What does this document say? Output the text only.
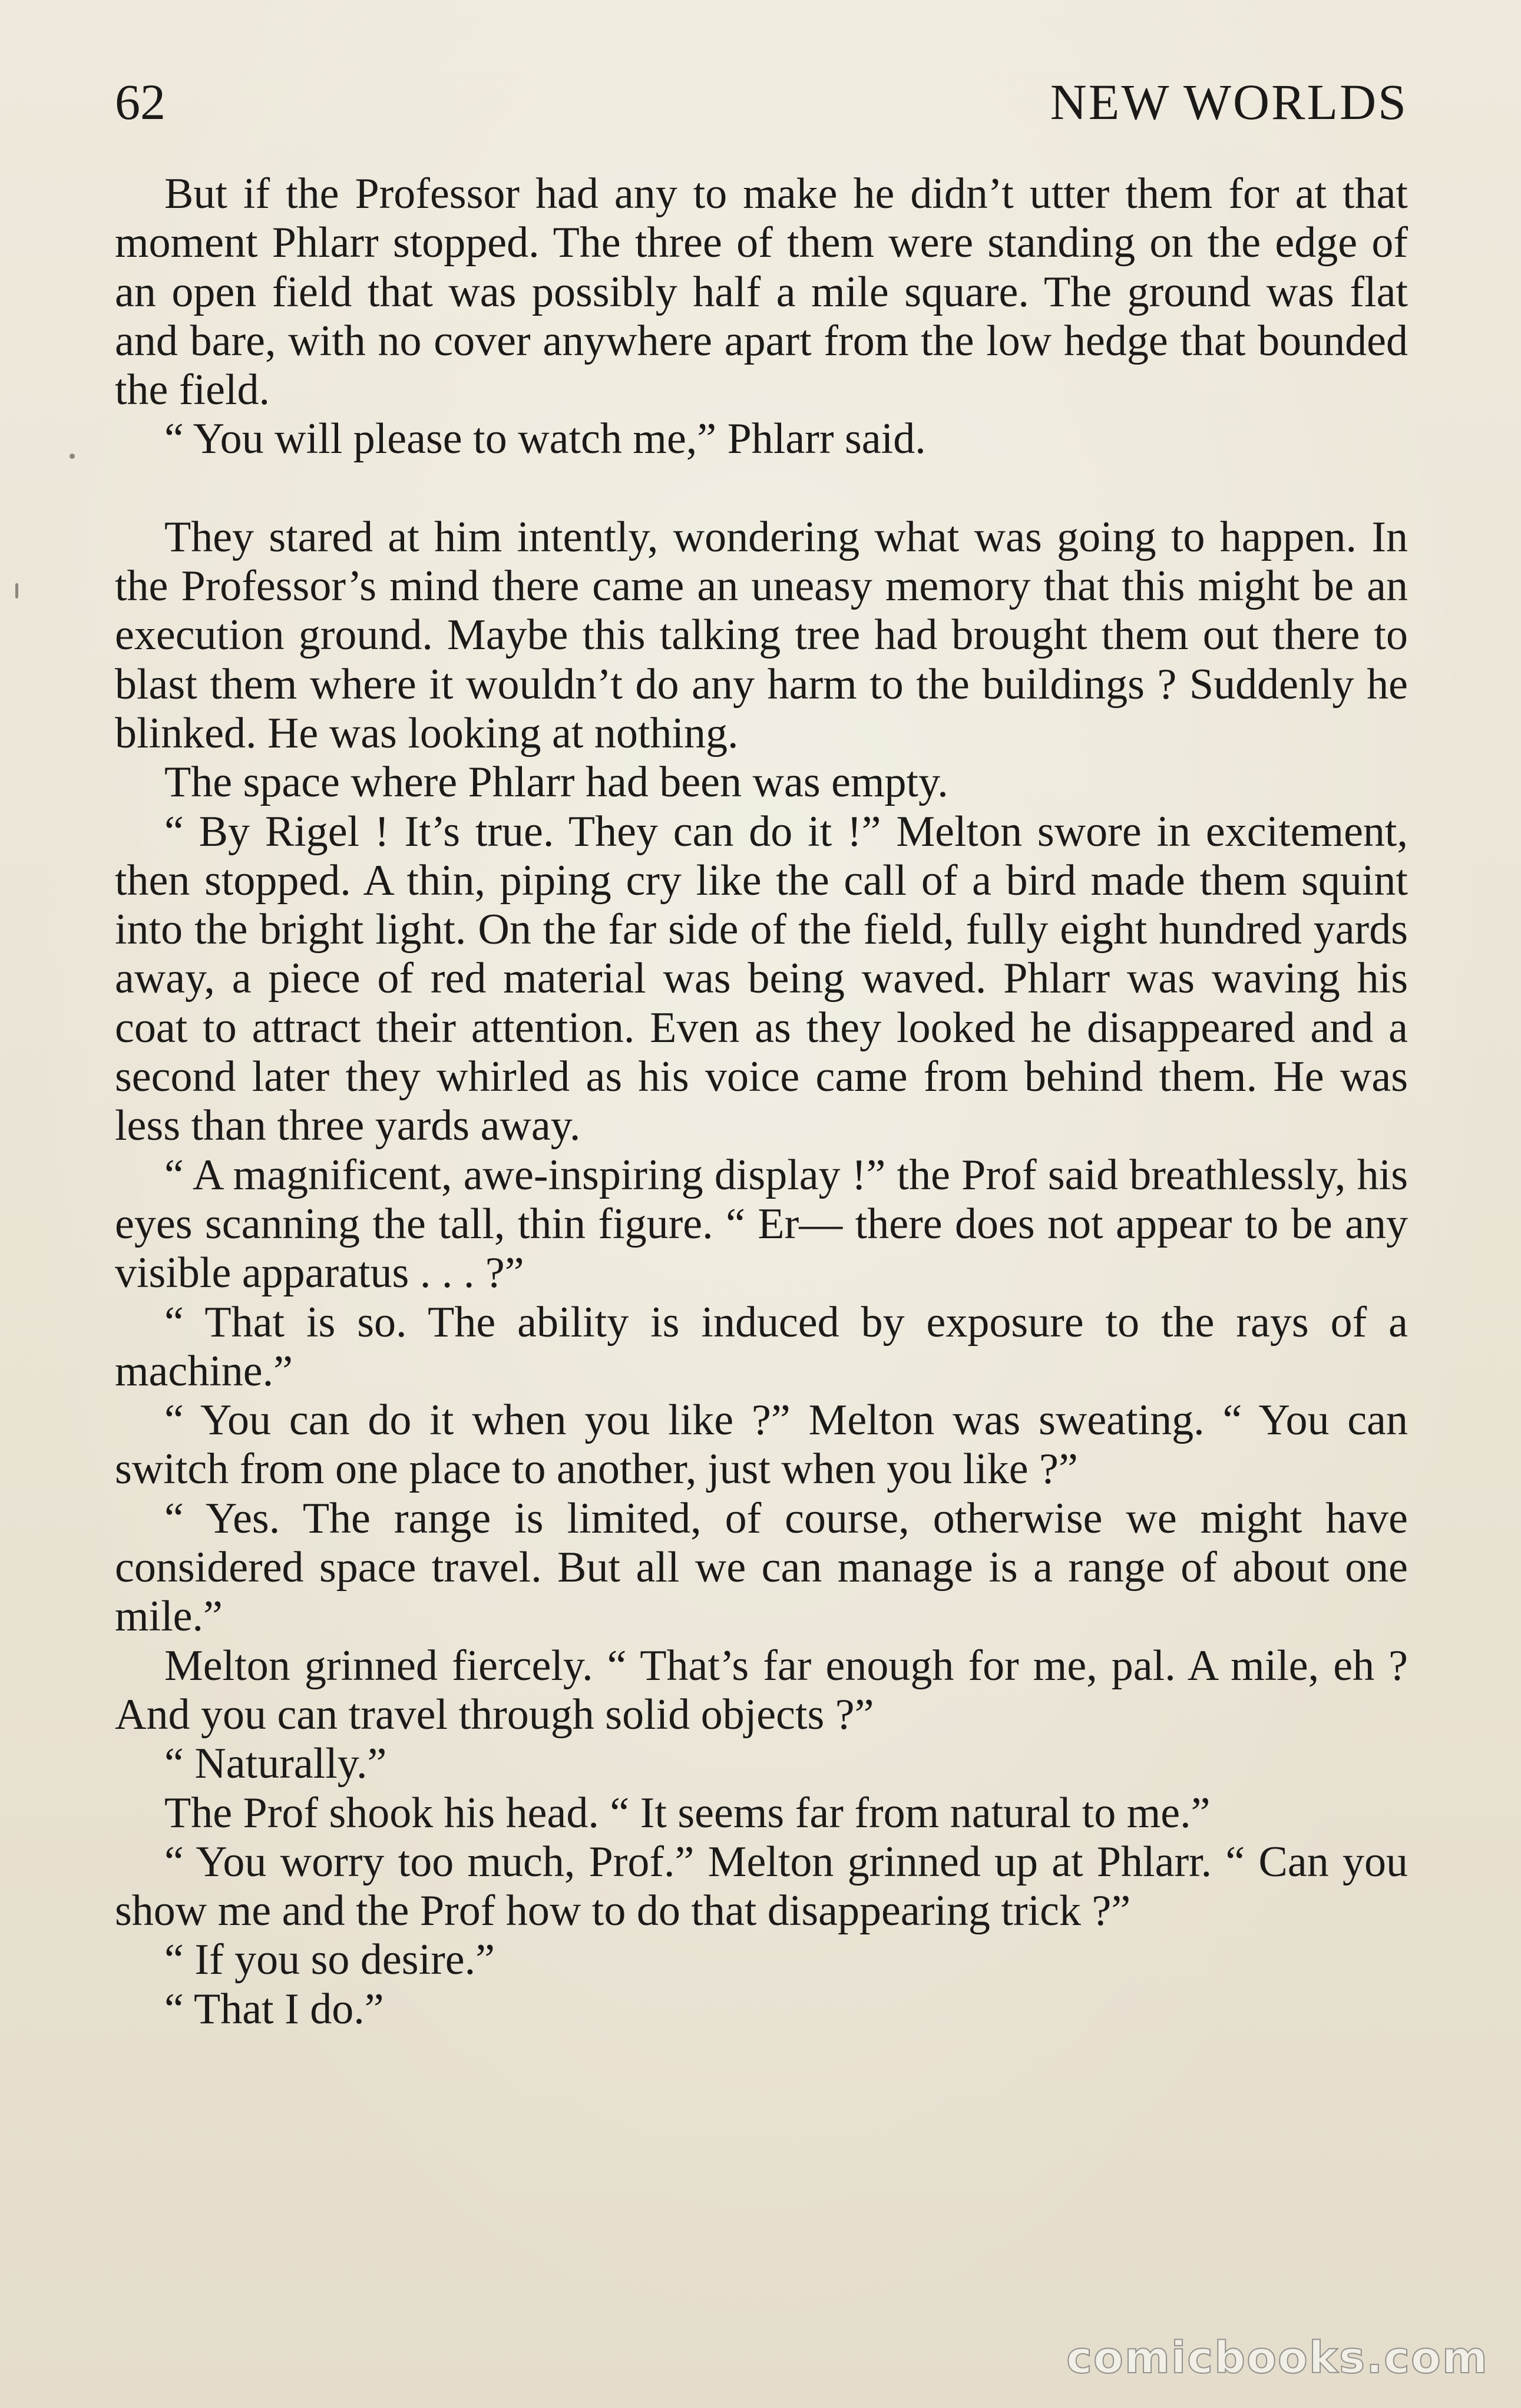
62	NEW WORLDS

But if the Professor had any to make he didn’t utter them for at that moment Phlarr stopped. The three of them were standing on the edge of an open field that was possibly half a mile square. The ground was flat and bare, with no cover anywhere apart from the low hedge that bounded the field.

“ You will please to watch me,” Phlarr said.

They stared at him intently, wondering what was going to happen. In the Professor’s mind there came an uneasy memory that this might be an execution ground. Maybe this talking tree had brought them out there to blast them where it wouldn’t do any harm to the buildings ? Suddenly he blinked. He was looking at nothing.

The space where Phlarr had been was empty.

“ By Rigel ! It’s true. They can do it !” Melton swore in excitement, then stopped. A thin, piping cry like the call of a bird made them squint into the bright light. On the far side of the field, fully eight hundred yards away, a piece of red material was being waved. Phlarr was waving his coat to attract their attention. Even as they looked he disappeared and a second later they whirled as his voice came from behind them. He was less than three yards away.

“ A magnificent, awe-inspiring display !” the Prof said breathlessly, his eyes scanning the tall, thin figure. “ Er— there does not appear to be any visible apparatus . . . ?”

“ That is so. The ability is induced by exposure to the rays of a machine.”

“ You can do it when you like ?” Melton was sweating. “ You can switch from one place to another, just when you like ?”

“ Yes. The range is limited, of course, otherwise we might have considered space travel. But all we can manage is a range of about one mile.”

Melton grinned fiercely. “ That’s far enough for me, pal. A mile, eh ? And you can travel through solid objects ?”

“ Naturally.”

The Prof shook his head. “ It seems far from natural to me.”

“ You worry too much, Prof.” Melton grinned up at Phlarr. “ Can you show me and the Prof how to do that disappearing trick ?”

“ If you so desire.”

“ That I do.”

comicbooks.com
